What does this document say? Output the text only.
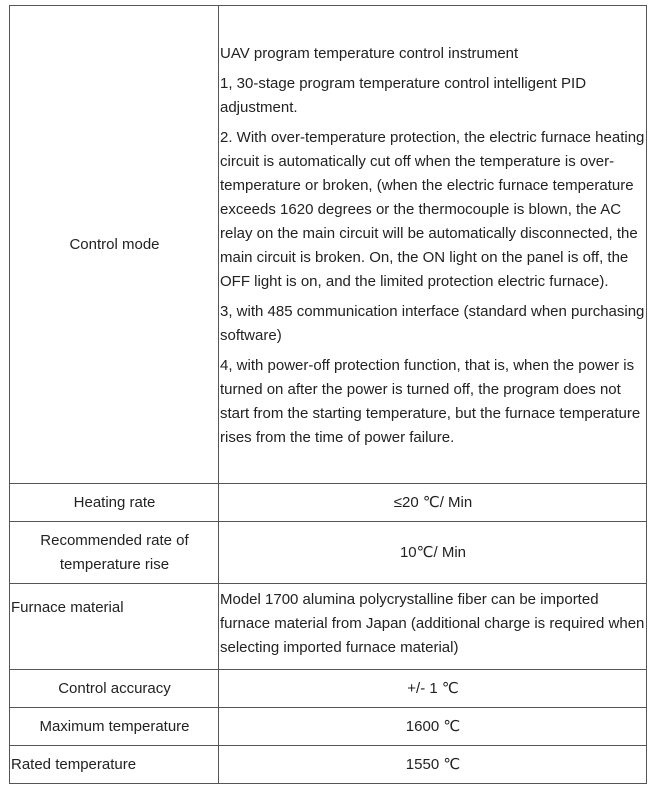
Control mode	UAV program temperature control instrument

1, 30-stage program temperature control intelligent PID adjustment.

2. With over-temperature protection, the electric furnace heating circuit is automatically cut off when the temperature is over-temperature or broken, (when the electric furnace temperature exceeds 1620 degrees or the thermocouple is blown, the AC relay on the main circuit will be automatically disconnected, the main circuit is broken. On, the ON light on the panel is off, the OFF light is on, and the limited protection electric furnace).

3, with 485 communication interface (standard when purchasing software)

4, with power-off protection function, that is, when the power is turned on after the power is turned off, the program does not start from the starting temperature, but the furnace temperature rises from the time of power failure.

Heating rate	≤20 ℃/ Min
Recommended rate of temperature rise	10℃/ Min
Furnace material	Model 1700 alumina polycrystalline fiber can be imported furnace material from Japan (additional charge is required when selecting imported furnace material)
Control accuracy	+/- 1 ℃
Maximum temperature	1600 ℃
Rated temperature	1550 ℃
